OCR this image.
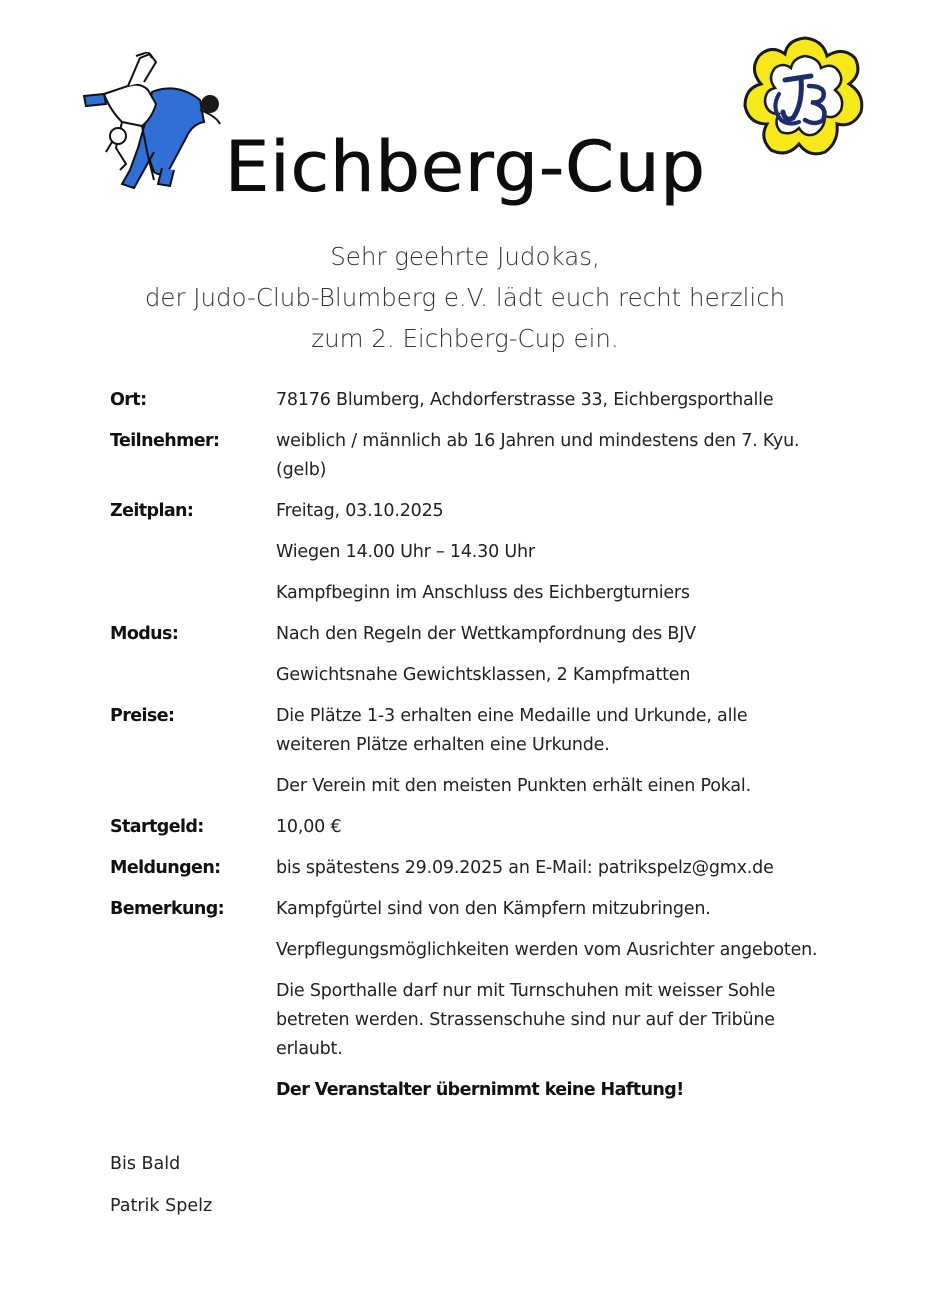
Eichberg-Cup
Sehr geehrte Judokas,
der Judo-Club-Blumberg e.V. lädt euch recht herzlich
zum 2. Eichberg-Cup ein.
Ort:	78176 Blumberg, Achdorferstrasse 33, Eichbergsporthalle
Teilnehmer:	weiblich / männlich ab 16 Jahren und mindestens den 7. Kyu. (gelb)
Zeitplan:	Freitag, 03.10.2025
Wiegen 14.00 Uhr – 14.30 Uhr
Kampfbeginn im Anschluss des Eichbergturniers
Modus:	Nach den Regeln der Wettkampfordnung des BJV
Gewichtsnahe Gewichtsklassen, 2 Kampfmatten
Preise:	Die Plätze 1-3 erhalten eine Medaille und Urkunde, alle weiteren Plätze erhalten eine Urkunde.
Der Verein mit den meisten Punkten erhält einen Pokal.
Startgeld:	10,00 €
Meldungen:	bis spätestens 29.09.2025 an E-Mail: patrikspelz@gmx.de
Bemerkung:	Kampfgürtel sind von den Kämpfern mitzubringen.
Verpflegungsmöglichkeiten werden vom Ausrichter angeboten.
Die Sporthalle darf nur mit Turnschuhen mit weisser Sohle betreten werden. Strassenschuhe sind nur auf der Tribüne erlaubt.
Der Veranstalter übernimmt keine Haftung!
Bis Bald
Patrik Spelz
